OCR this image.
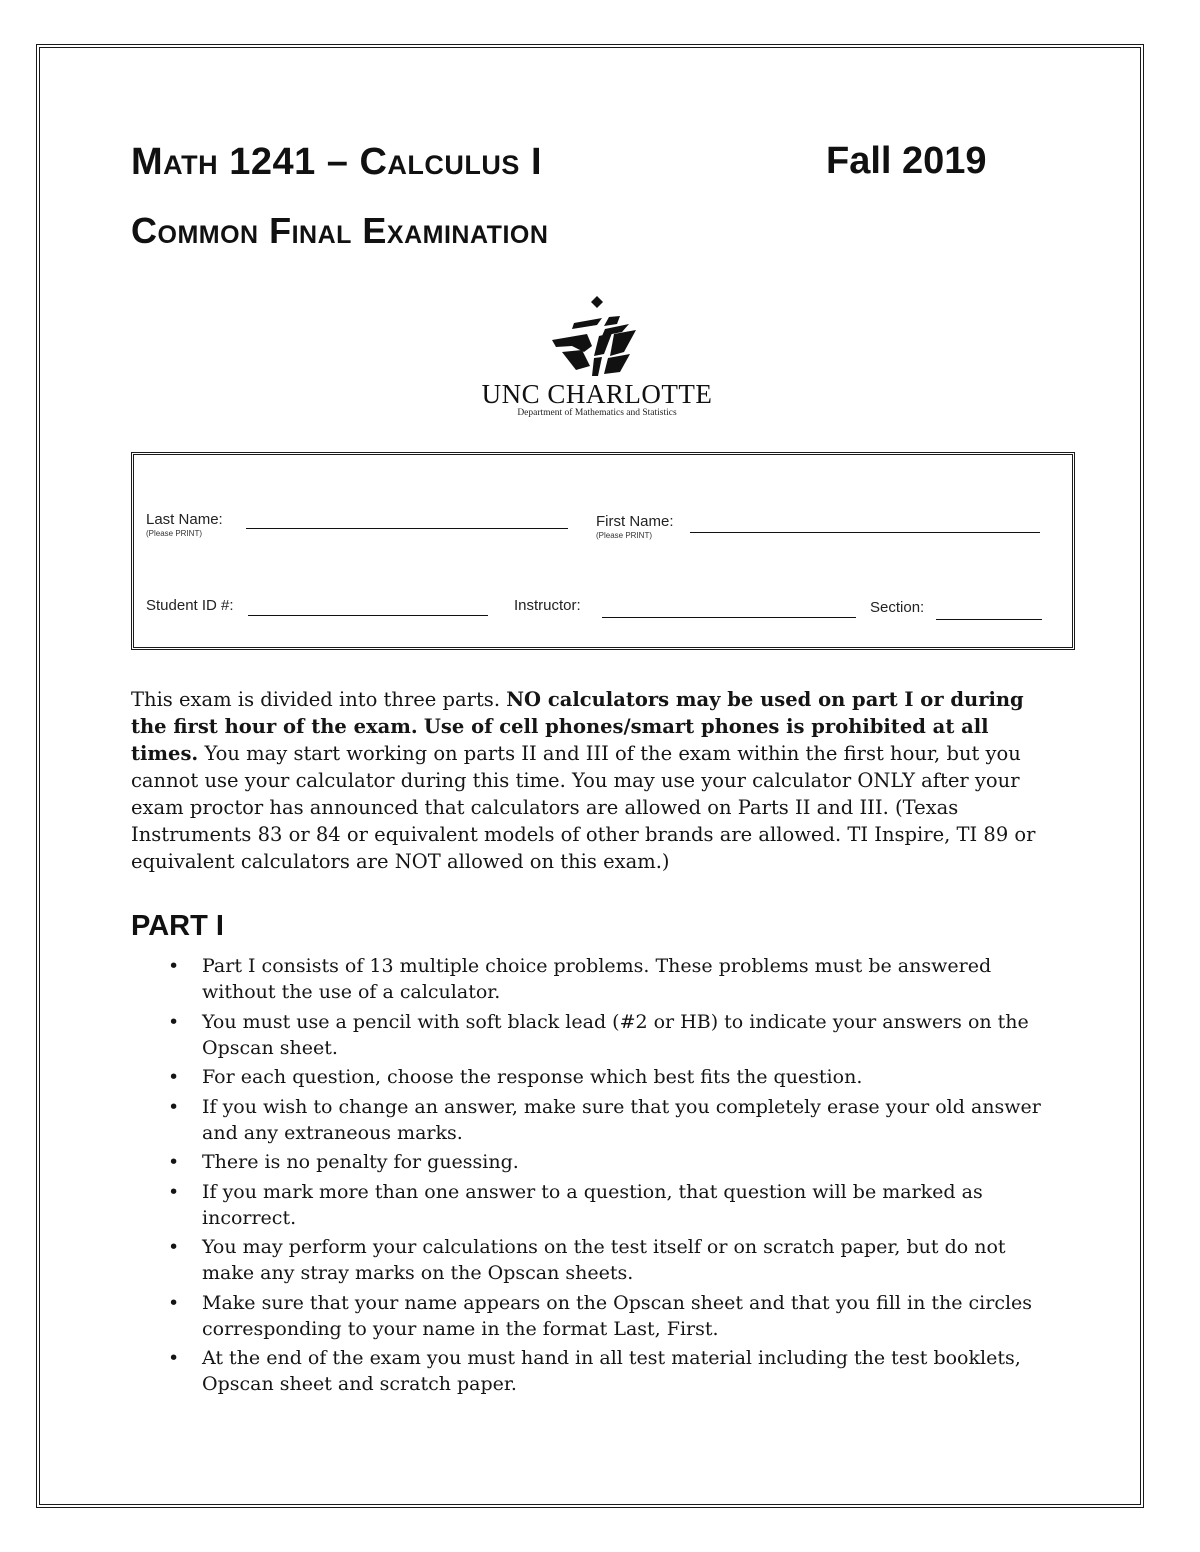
Math 1241 – Calculus I	Fall 2019
Common Final Examination
UNC CHARLOTTE
Department of Mathematics and Statistics
Last Name:
(Please PRINT)
First Name:
(Please PRINT)
Student ID #:	Instructor:	Section:
This exam is divided into three parts. NO calculators may be used on part I or during the first hour of the exam. Use of cell phones/smart phones is prohibited at all times. You may start working on parts II and III of the exam within the first hour, but you cannot use your calculator during this time. You may use your calculator ONLY after your exam proctor has announced that calculators are allowed on Parts II and III. (Texas Instruments 83 or 84 or equivalent models of other brands are allowed. TI Inspire, TI 89 or equivalent calculators are NOT allowed on this exam.)
PART I
• Part I consists of 13 multiple choice problems. These problems must be answered without the use of a calculator.
• You must use a pencil with soft black lead (#2 or HB) to indicate your answers on the Opscan sheet.
• For each question, choose the response which best fits the question.
• If you wish to change an answer, make sure that you completely erase your old answer and any extraneous marks.
• There is no penalty for guessing.
• If you mark more than one answer to a question, that question will be marked as incorrect.
• You may perform your calculations on the test itself or on scratch paper, but do not make any stray marks on the Opscan sheets.
• Make sure that your name appears on the Opscan sheet and that you fill in the circles corresponding to your name in the format Last, First.
• At the end of the exam you must hand in all test material including the test booklets, Opscan sheet and scratch paper.
